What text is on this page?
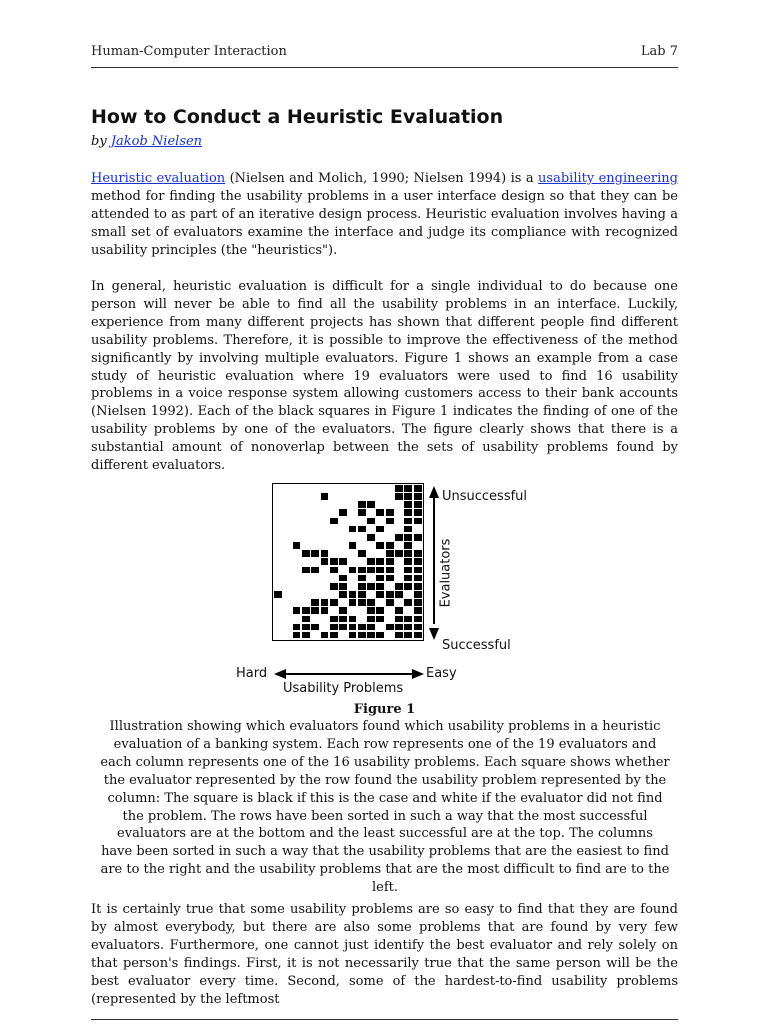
Human-Computer Interaction	Lab 7
How to Conduct a Heuristic Evaluation
by Jakob Nielsen
Heuristic evaluation (Nielsen and Molich, 1990; Nielsen 1994) is a usability engineering method for finding the usability problems in a user interface design so that they can be attended to as part of an iterative design process. Heuristic evaluation involves having a small set of evaluators examine the interface and judge its compliance with recognized usability principles (the "heuristics").
In general, heuristic evaluation is difficult for a single individual to do because one person will never be able to find all the usability problems in an interface. Luckily, experience from many different projects has shown that different people find different usability problems. Therefore, it is possible to improve the effectiveness of the method significantly by involving multiple evaluators. Figure 1 shows an example from a case study of heuristic evaluation where 19 evaluators were used to find 16 usability problems in a voice response system allowing customers access to their bank accounts (Nielsen 1992). Each of the black squares in Figure 1 indicates the finding of one of the usability problems by one of the evaluators. The figure clearly shows that there is a substantial amount of nonoverlap between the sets of usability problems found by different evaluators.
Unsuccessful
Successful
Evaluators
Hard	Easy
Usability Problems
Figure 1
Illustration showing which evaluators found which usability problems in a heuristic evaluation of a banking system. Each row represents one of the 19 evaluators and each column represents one of the 16 usability problems. Each square shows whether the evaluator represented by the row found the usability problem represented by the column: The square is black if this is the case and white if the evaluator did not find the problem. The rows have been sorted in such a way that the most successful evaluators are at the bottom and the least successful are at the top. The columns have been sorted in such a way that the usability problems that are the easiest to find are to the right and the usability problems that are the most difficult to find are to the left.
It is certainly true that some usability problems are so easy to find that they are found by almost everybody, but there are also some problems that are found by very few evaluators. Furthermore, one cannot just identify the best evaluator and rely solely on that person's findings. First, it is not necessarily true that the same person will be the best evaluator every time. Second, some of the hardest-to-find usability problems (represented by the leftmost
